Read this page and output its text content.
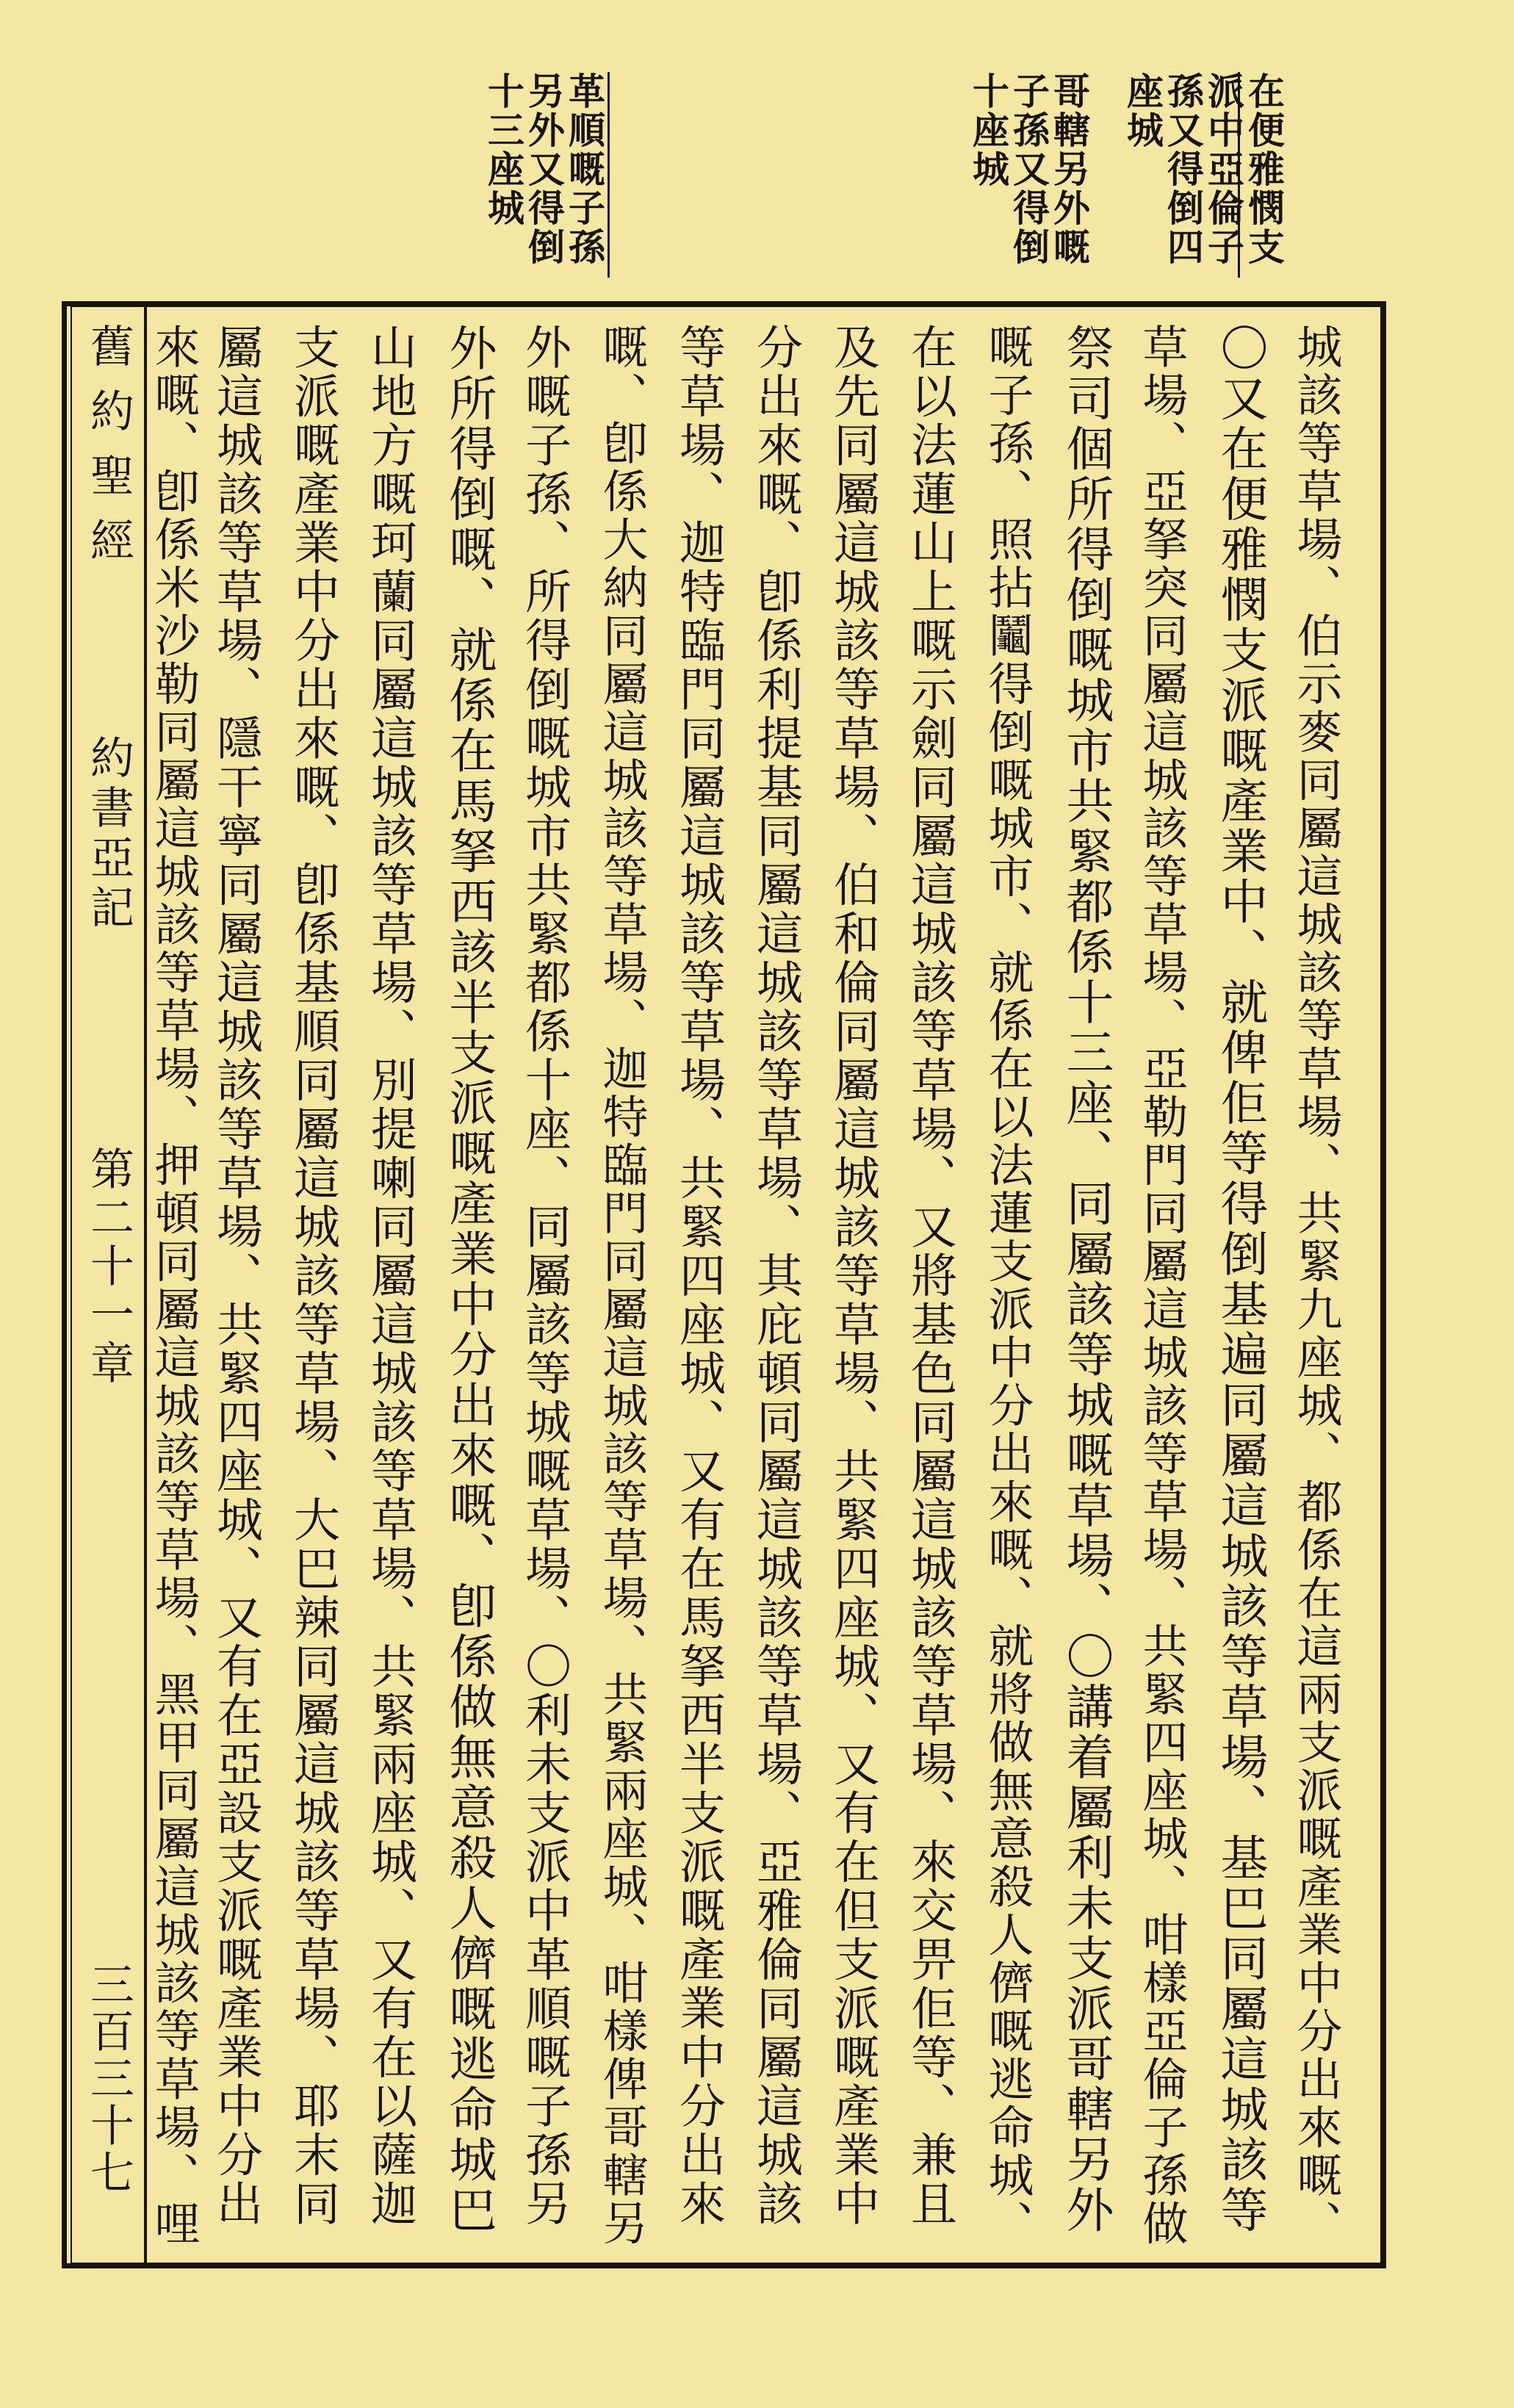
在便雅憫支
派中亞倫子
孫又得倒四
座城
哥轄另外嘅
子孫又得倒
十座城
革順嘅子孫
另外又得倒
十三座城
舊約聖經
約書亞記
第二十一章
三百三十七	城該等草場、伯示麥同屬這城該等草場、共緊九座城、都係在這兩支派嘅產業中分出來嘅、
〇又在便雅憫支派嘅產業中、就俾佢等得倒基遍同屬這城該等草場、基巴同屬這城該等
草場、亞拏突同屬這城該等草場、亞勒門同屬這城該等草場、共緊四座城、咁樣亞倫子孫做
祭司個所得倒嘅城市共緊都係十三座、同屬該等城嘅草場、〇講着屬利未支派哥轄另外
嘅子孫、照拈鬮得倒嘅城市、就係在以法蓮支派中分出來嘅、就將做無意殺人儕嘅逃命城、
在以法蓮山上嘅示劍同屬這城該等草場、又將基色同屬這城該等草場、來交畀佢等、兼且
及先同屬這城該等草場、伯和倫同屬這城該等草場、共緊四座城、又有在但支派嘅產業中
分出來嘅、卽係利提基同屬這城該等草場、其庇頓同屬這城該等草場、亞雅倫同屬這城該
等草場、迦特臨門同屬這城該等草場、共緊四座城、又有在馬拏西半支派嘅產業中分出來
嘅、卽係大納同屬這城該等草場、迦特臨門同屬這城該等草場、共緊兩座城、咁樣俾哥轄另
外嘅子孫、所得倒嘅城市共緊都係十座、同屬該等城嘅草場、〇利未支派中革順嘅子孫另
外所得倒嘅、就係在馬拏西該半支派嘅產業中分出來嘅、卽係做無意殺人儕嘅逃命城巴
山地方嘅珂蘭同屬這城該等草場、別提喇同屬這城該等草場、共緊兩座城、又有在以薩迦
支派嘅產業中分出來嘅、卽係基順同屬這城該等草場、大巴辣同屬這城該等草場、耶末同
屬這城該等草場、隱干寧同屬這城該等草場、共緊四座城、又有在亞設支派嘅產業中分出
來嘅、卽係米沙勒同屬這城該等草場、押頓同屬這城該等草場、黑甲同屬這城該等草場、哩
